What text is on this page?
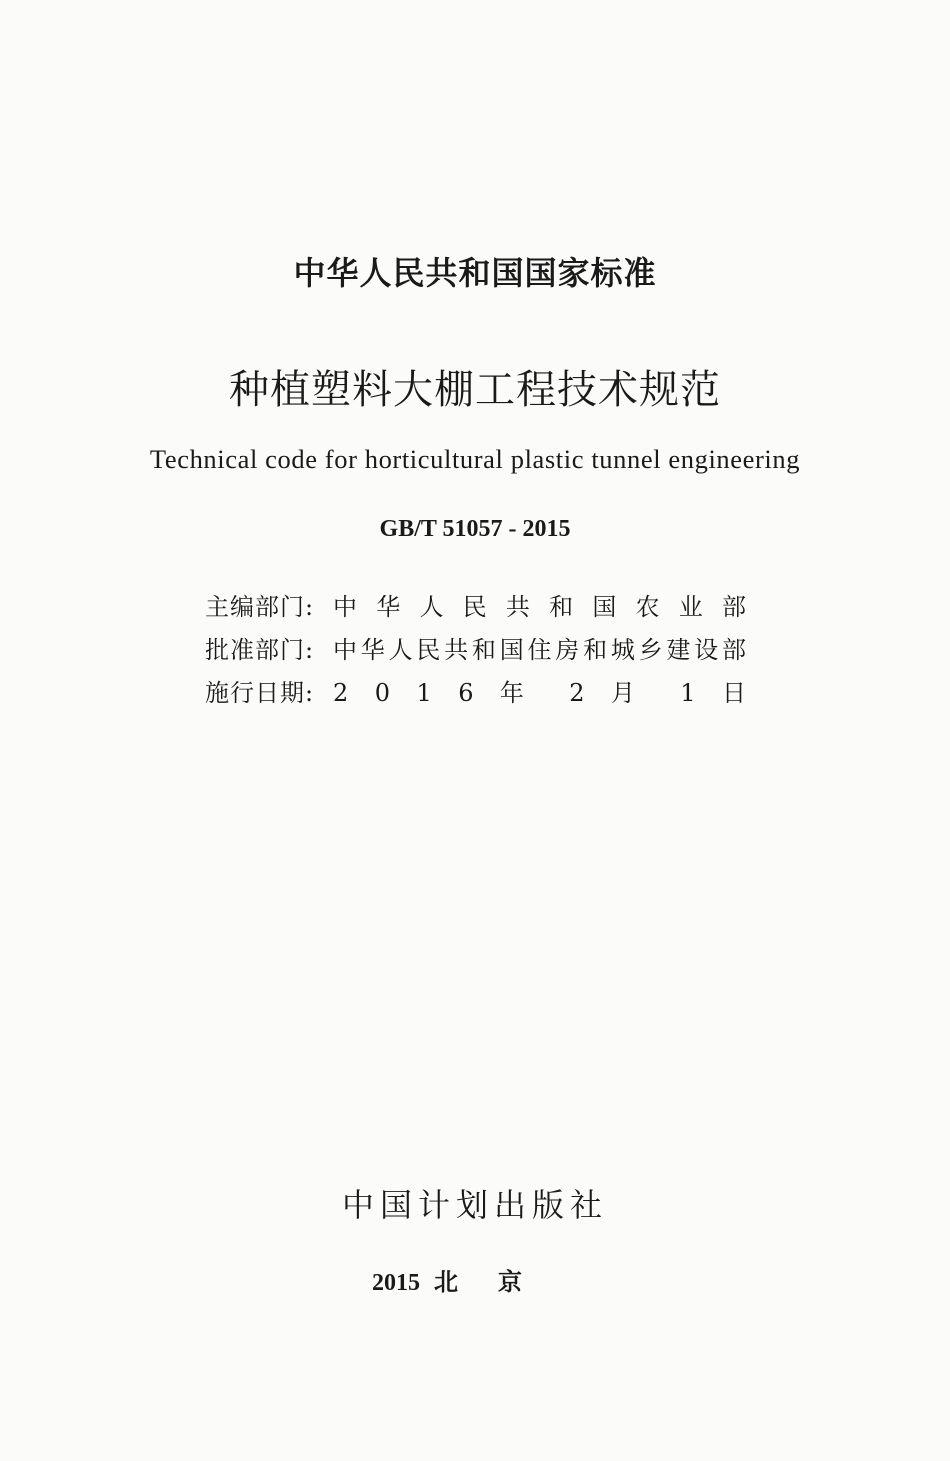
中华人民共和国国家标准
种植塑料大棚工程技术规范
Technical code for horticultural plastic tunnel engineering
GB/T 51057 - 2015
主编部门: 中 华 人 民 共 和 国 农 业 部
批准部门: 中华人民共和国住房和城乡建设部
施行日期: 2 0 1 6 年 2 月 1 日
中国计划出版社
2015 北京
